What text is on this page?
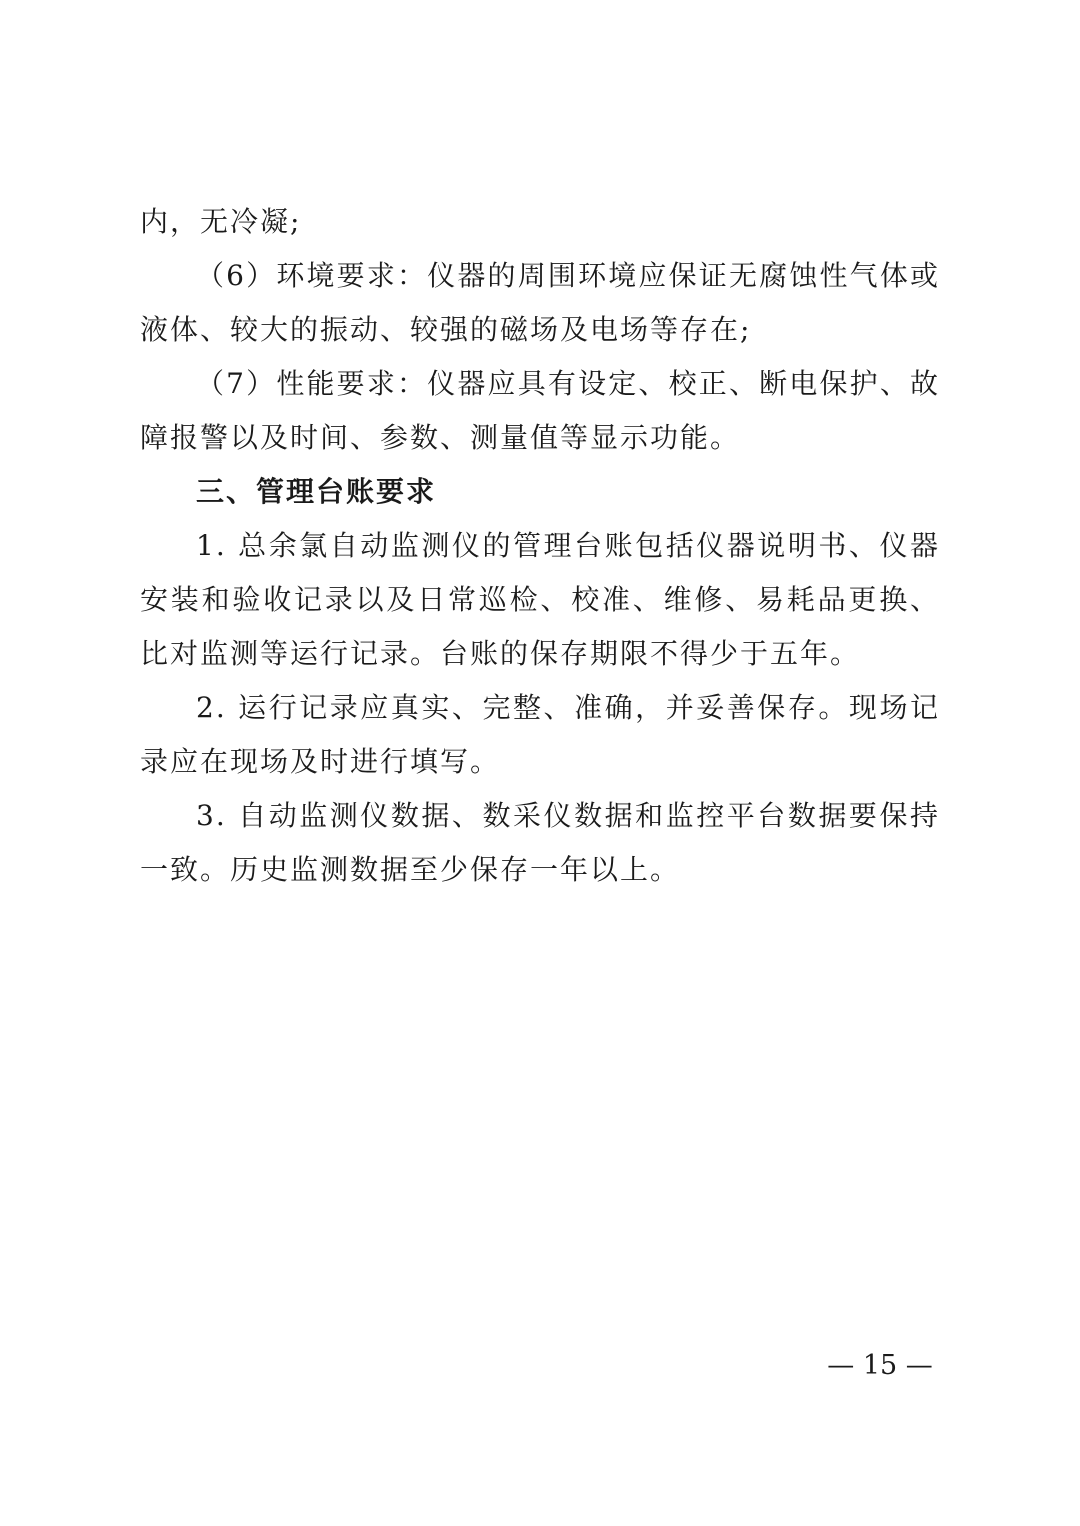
内，无冷凝;

（6）环境要求：仪器的周围环境应保证无腐蚀性气体或液体、较大的振动、较强的磁场及电场等存在;

（7）性能要求：仪器应具有设定、校正、断电保护、故障报警以及时间、参数、测量值等显示功能。

三、管理台账要求

1. 总余氯自动监测仪的管理台账包括仪器说明书、仪器安装和验收记录以及日常巡检、校准、维修、易耗品更换、比对监测等运行记录。台账的保存期限不得少于五年。

2. 运行记录应真实、完整、准确，并妥善保存。现场记录应在现场及时进行填写。

3. 自动监测仪数据、数采仪数据和监控平台数据要保持一致。历史监测数据至少保存一年以上。

— 15 —
